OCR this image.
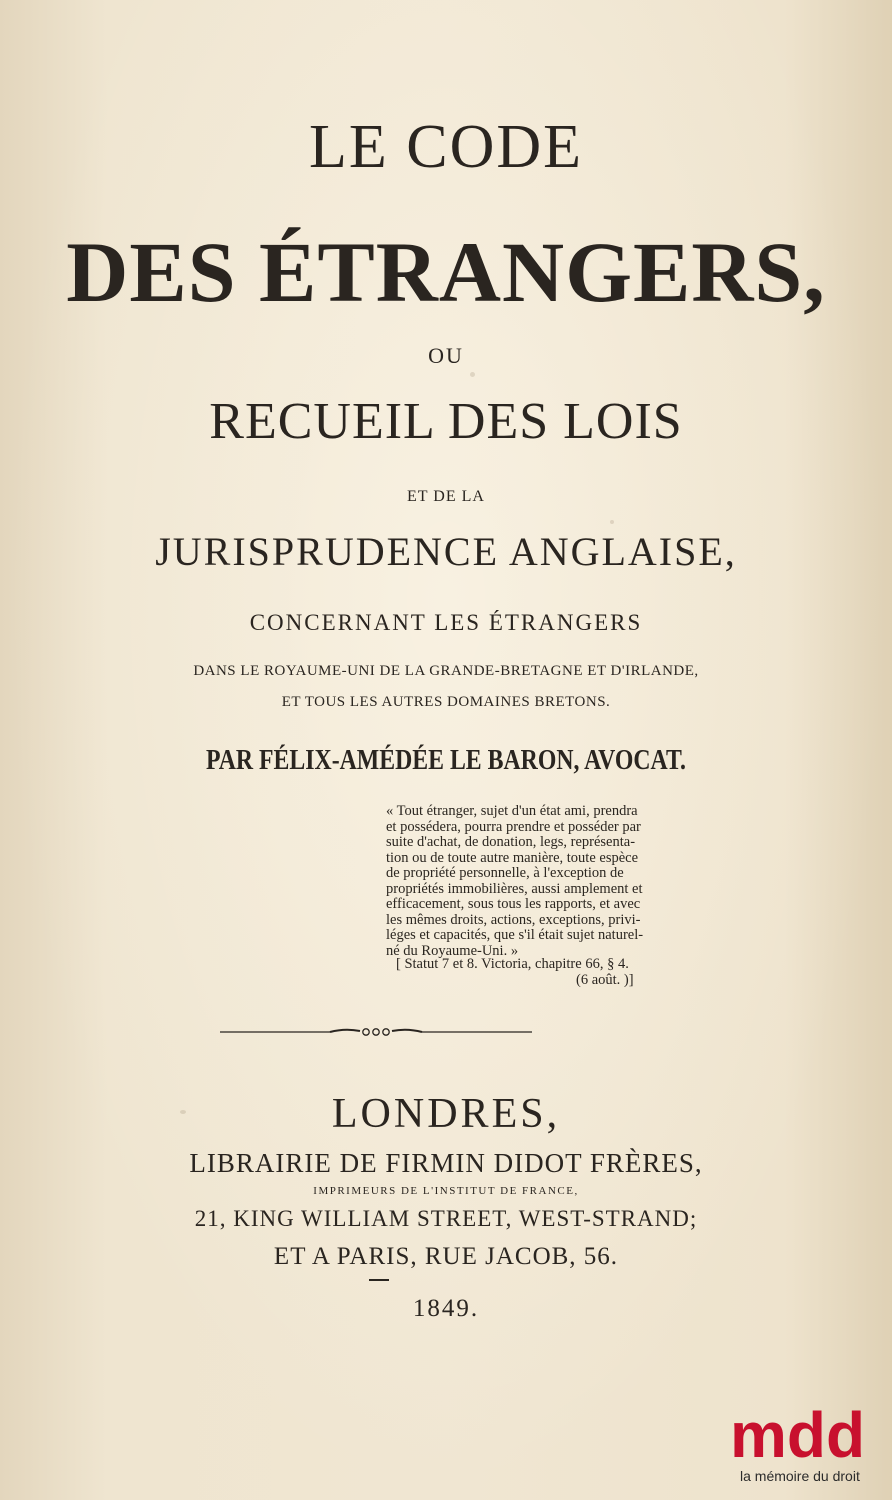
LE CODE
DES ÉTRANGERS,
OU
RECUEIL DES LOIS
ET DE LA
JURISPRUDENCE ANGLAISE,
CONCERNANT LES ÉTRANGERS
DANS LE ROYAUME-UNI DE LA GRANDE-BRETAGNE ET D'IRLANDE,
ET TOUS LES AUTRES DOMAINES BRETONS.
PAR FÉLIX-AMÉDÉE LE BARON, AVOCAT.
« Tout étranger, sujet d'un état ami, prendra
et possédera, pourra prendre et posséder par
suite d'achat, de donation, legs, représenta-
tion ou de toute autre manière, toute espèce
de propriété personnelle, à l'exception de
propriétés immobilières, aussi amplement et
efficacement, sous tous les rapports, et avec
les mêmes droits, actions, exceptions, privi-
léges et capacités, que s'il était sujet naturel-
né du Royaume-Uni. »
[ Statut 7 et 8. Victoria, chapitre 66, § 4.
(6 août. )]
LONDRES,
LIBRAIRIE DE FIRMIN DIDOT FRÈRES,
IMPRIMEURS DE L'INSTITUT DE FRANCE,
21, KING WILLIAM STREET, WEST-STRAND;
ET A PARIS, RUE JACOB, 56.
1849.
mdd
la mémoire du droit
